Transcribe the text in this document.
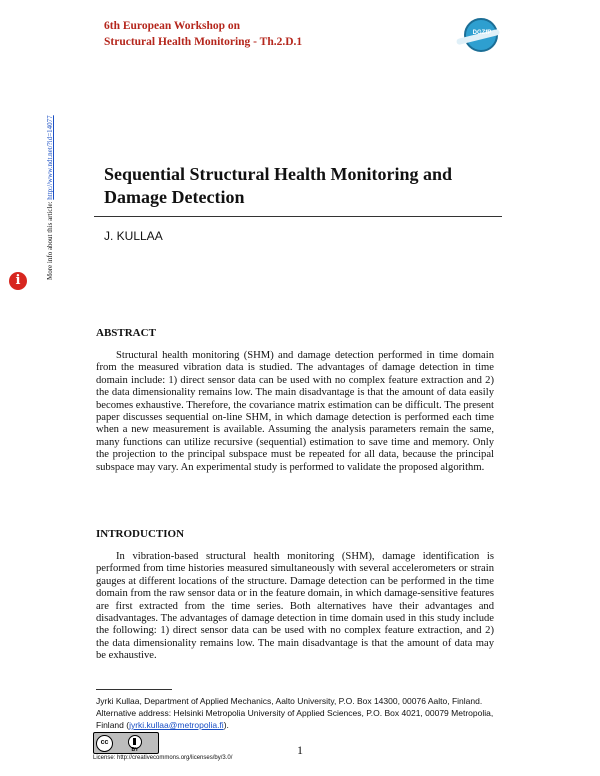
6th European Workshop on
Structural Health Monitoring - Th.2.D.1
DGZfP
More info about this article: http://www.ndt.net/?id=14077
i
Sequential Structural Health Monitoring and Damage Detection
J. KULLAA
ABSTRACT
Structural health monitoring (SHM) and damage detection performed in time domain from the measured vibration data is studied. The advantages of damage detection in time domain include: 1) direct sensor data can be used with no complex feature extraction and 2) the data dimensionality remains low. The main disadvantage is that the amount of data easily becomes exhaustive. Therefore, the covariance matrix estimation can be difficult. The present paper discusses sequential on-line SHM, in which damage detection is performed each time when a new measurement is available. Assuming the analysis parameters remain the same, many functions can utilize recursive (sequential) estimation to save time and memory. Only the projection to the principal subspace must be repeated for all data, because the principal subspace may vary. An experimental study is performed to validate the proposed algorithm.
INTRODUCTION
In vibration-based structural health monitoring (SHM), damage identification is performed from time histories measured simultaneously with several accelerometers or strain gauges at different locations of the structure. Damage detection can be performed in the time domain from the raw sensor data or in the feature domain, in which damage-sensitive features are first extracted from the time series. Both alternatives have their advantages and disadvantages. The advantages of damage detection in time domain used in this study include the following: 1) direct sensor data can be used with no complex feature extraction, and 2) the data dimensionality remains low. The main disadvantage is that the amount of data may be exhaustive.
Jyrki Kullaa, Department of Applied Mechanics, Aalto University, P.O. Box 14300, 00076 Aalto, Finland. Alternative address: Helsinki Metropolia University of Applied Sciences, P.O. Box 4021, 00079 Metropolia, Finland (jyrki.kullaa@metropolia.fi).
cc
BY
License: http://creativecommons.org/licenses/by/3.0/
1
